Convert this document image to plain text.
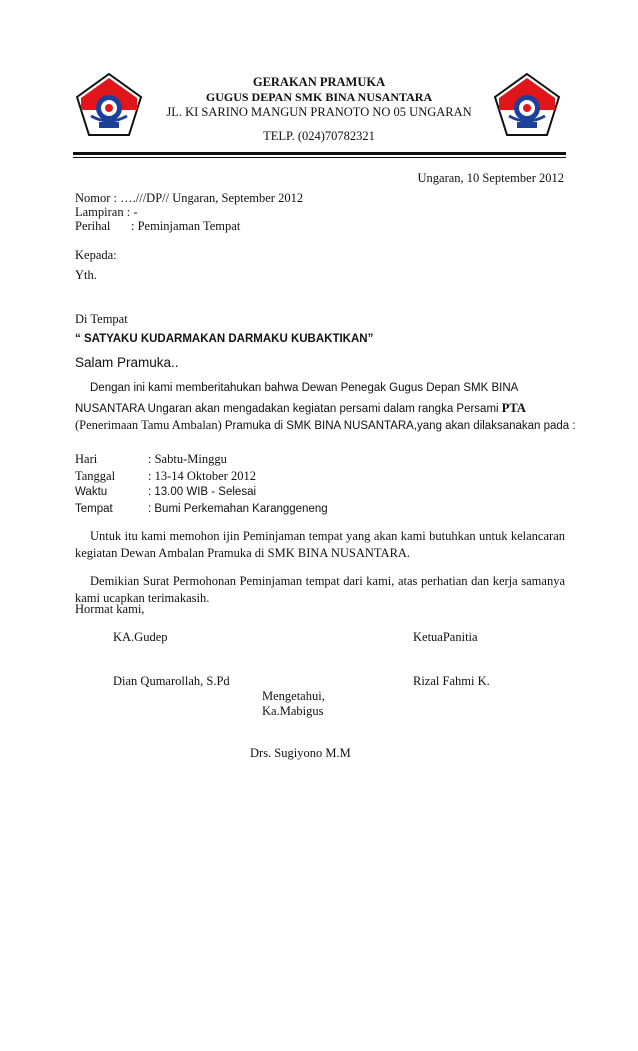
GERAKAN PRAMUKA
GUGUS DEPAN SMK BINA NUSANTARA
JL. KI SARINO MANGUN PRANOTO NO 05 UNGARAN
TELP. (024)70782321
Ungaran, 10 September 2012
Nomor : ….///DP// Ungaran, September 2012
Lampiran : -
Perihal : Peminjaman Tempat
Kepada:
Yth.
Di Tempat
“ SATYAKU KUDARMAKAN DARMAKU KUBAKTIKAN”
Salam Pramuka..
Dengan ini kami memberitahukan bahwa Dewan Penegak Gugus Depan SMK BINA
NUSANTARA Ungaran akan mengadakan kegiatan persami dalam rangka Persami PTA
(Penerimaan Tamu Ambalan) Pramuka di SMK BINA NUSANTARA,yang akan dilaksanakan pada :
Hari	: Sabtu-Minggu
Tanggal	: 13-14 Oktober 2012
Waktu	: 13.00 WIB - Selesai
Tempat	: Bumi Perkemahan Karanggeneng
Untuk itu kami memohon ijin Peminjaman tempat yang akan kami butuhkan untuk kelancaran kegiatan Dewan Ambalan Pramuka di SMK BINA NUSANTARA.
Demikian Surat Permohonan Peminjaman tempat dari kami, atas perhatian dan kerja samanya kami ucapkan terimakasih.
Hormat kami,
KA.Gudep	KetuaPanitia
Dian Qumarollah, S.Pd	Rizal Fahmi K.
Mengetahui,
Ka.Mabigus
Drs. Sugiyono M.M
